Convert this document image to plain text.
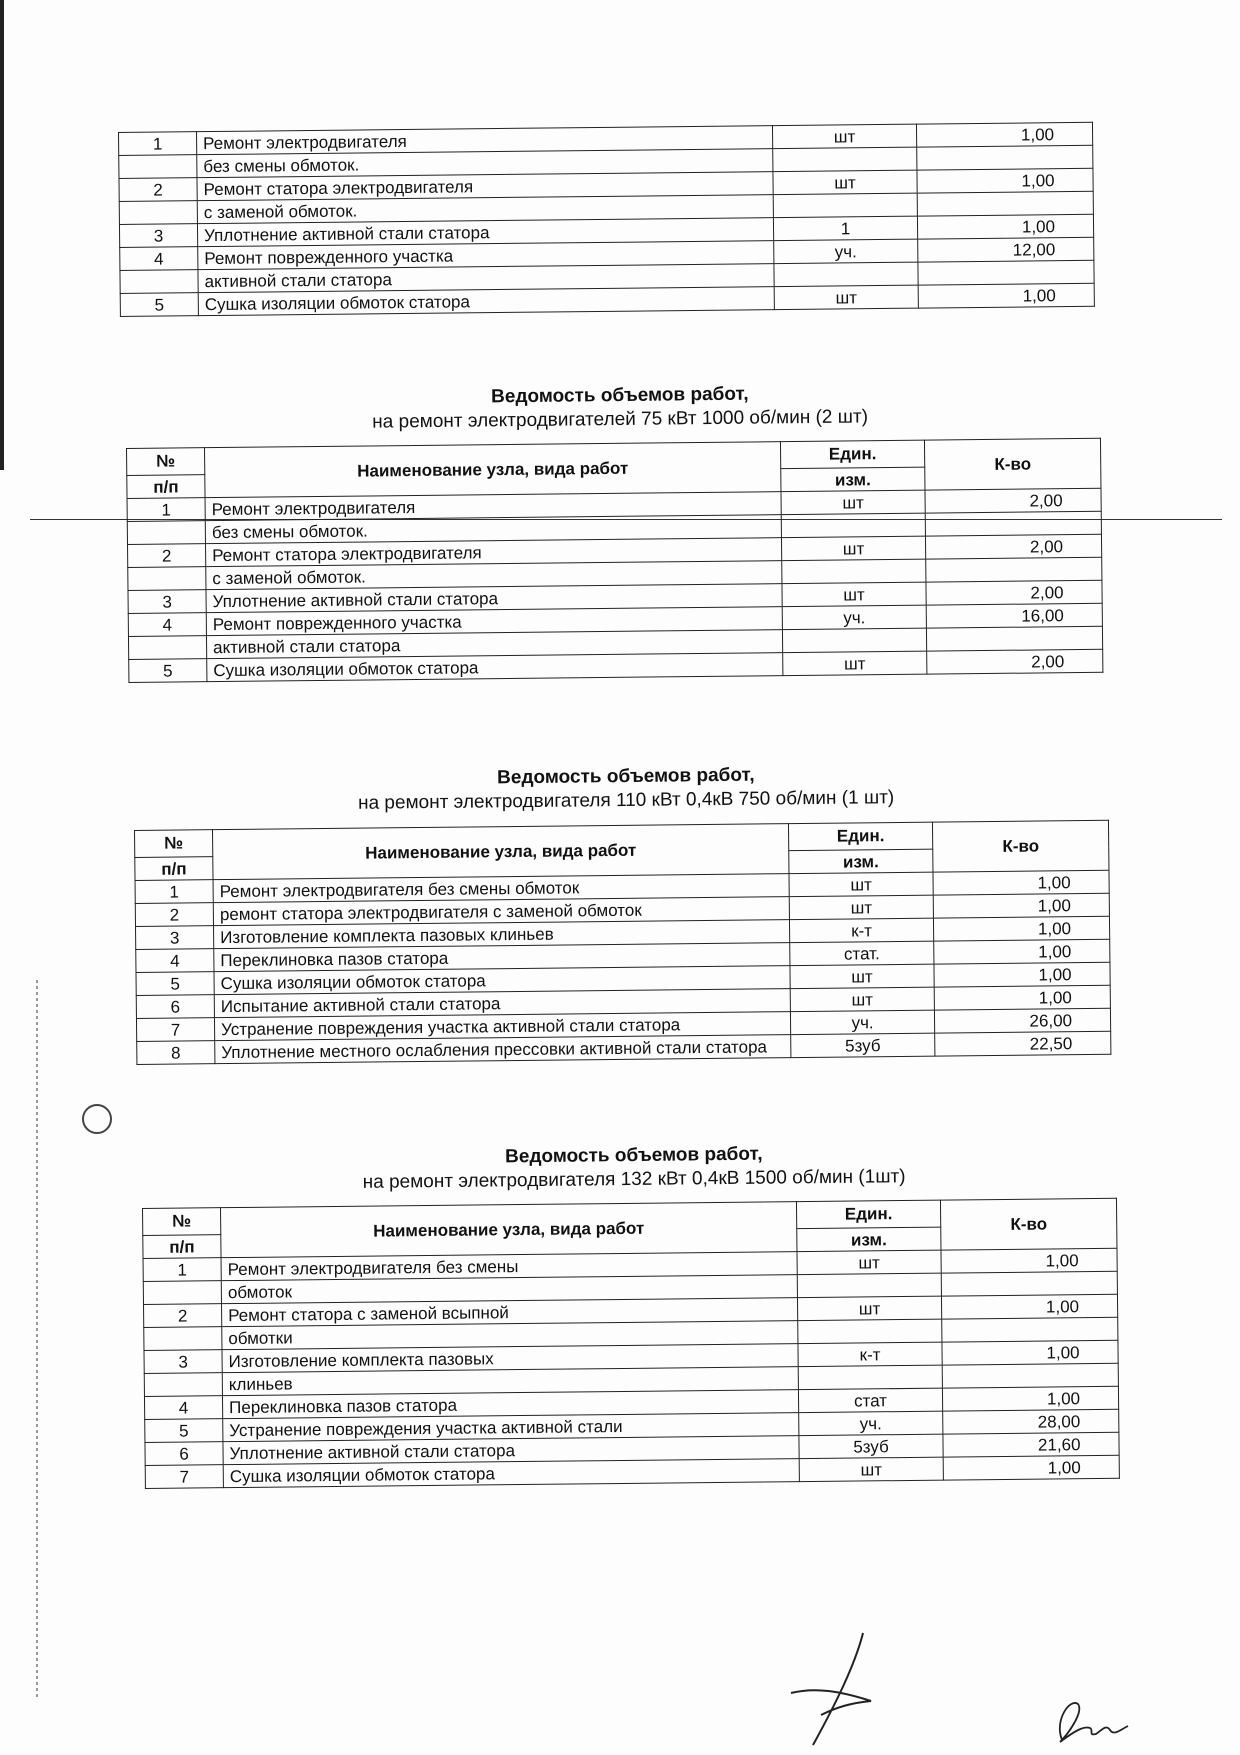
1	Ремонт электродвигателя	шт	1,00
	без смены обмоток.		
2	Ремонт статора электродвигателя	шт	1,00
	с заменой обмоток.		
3	Уплотнение активной стали статора	1	1,00
4	Ремонт поврежденного участка	уч.	12,00
	активной стали статора		
5	Сушка изоляции обмоток статора	шт	1,00
Ведомость объемов работ,
на ремонт электродвигателей 75 кВт 1000 об/мин (2 шт)
№	Наименование узла, вида работ	Един.	К-во
п/п		изм.	
1	Ремонт электродвигателя	шт	2,00
	без смены обмоток.		
2	Ремонт статора электродвигателя	шт	2,00
	с заменой обмоток.		
3	Уплотнение активной стали статора	шт	2,00
4	Ремонт поврежденного участка	уч.	16,00
	активной стали статора		
5	Сушка изоляции обмоток статора	шт	2,00
Ведомость объемов работ,
на ремонт электродвигателя 110 кВт 0,4кВ 750 об/мин (1 шт)
№	Наименование узла, вида работ	Един.	К-во
п/п		изм.	
1	Ремонт электродвигателя без смены обмоток	шт	1,00
2	ремонт статора электродвигателя с заменой обмоток	шт	1,00
3	Изготовление комплекта пазовых клиньев	к-т	1,00
4	Переклиновка пазов статора	стат.	1,00
5	Сушка изоляции обмоток статора	шт	1,00
6	Испытание активной стали статора	шт	1,00
7	Устранение повреждения участка активной стали статора	уч.	26,00
8	Уплотнение местного ослабления прессовки активной стали статора	5зуб	22,50
Ведомость объемов работ,
на ремонт электродвигателя 132 кВт 0,4кВ 1500 об/мин (1шт)
№	Наименование узла, вида работ	Един.	К-во
п/п		изм.	
1	Ремонт электродвигателя без смены	шт	1,00
	обмоток		
2	Ремонт статора с заменой всыпной	шт	1,00
	обмотки		
3	Изготовление комплекта пазовых	к-т	1,00
	клиньев		
4	Переклиновка пазов статора	стат	1,00
5	Устранение повреждения участка активной стали	уч.	28,00
6	Уплотнение активной стали статора	5зуб	21,60
7	Сушка изоляции обмоток статора	шт	1,00
